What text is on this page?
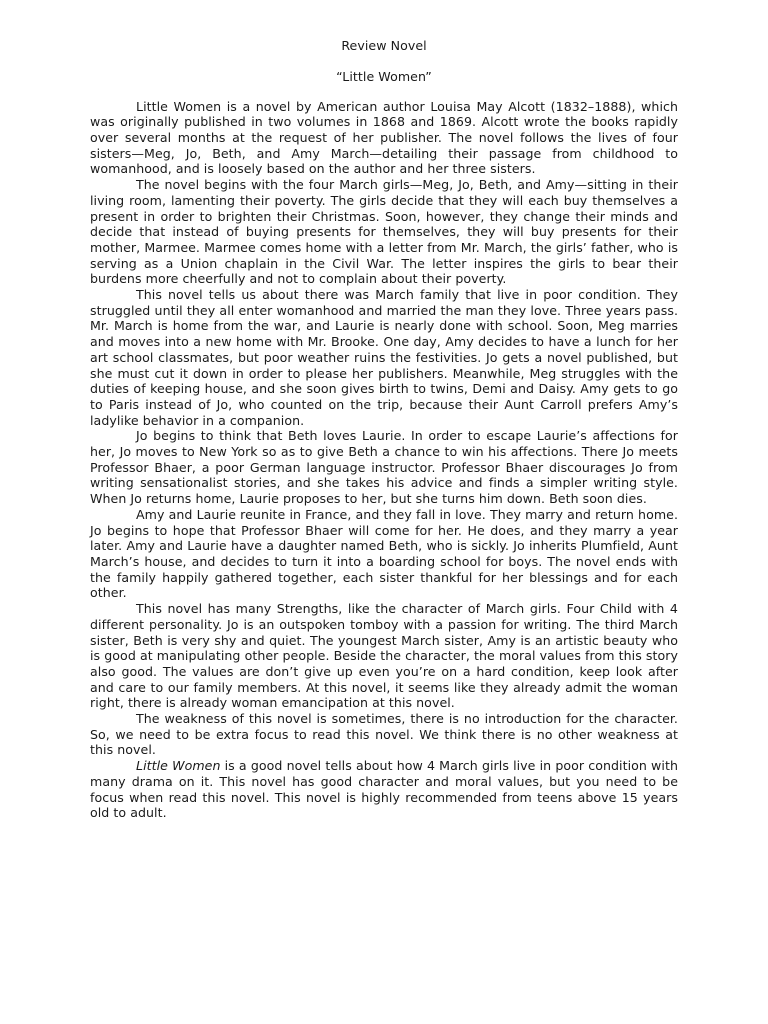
Review Novel
“Little Women”

Little Women is a novel by American author Louisa May Alcott (1832–1888), which was originally published in two volumes in 1868 and 1869. Alcott wrote the books rapidly over several months at the request of her publisher. The novel follows the lives of four sisters—Meg, Jo, Beth, and Amy March—detailing their passage from childhood to womanhood, and is loosely based on the author and her three sisters.

The novel begins with the four March girls—Meg, Jo, Beth, and Amy—sitting in their living room, lamenting their poverty. The girls decide that they will each buy themselves a present in order to brighten their Christmas. Soon, however, they change their minds and decide that instead of buying presents for themselves, they will buy presents for their mother, Marmee. Marmee comes home with a letter from Mr. March, the girls’ father, who is serving as a Union chaplain in the Civil War. The letter inspires the girls to bear their burdens more cheerfully and not to complain about their poverty.

This novel tells us about there was March family that live in poor condition. They struggled until they all enter womanhood and married the man they love. Three years pass. Mr. March is home from the war, and Laurie is nearly done with school. Soon, Meg marries and moves into a new home with Mr. Brooke. One day, Amy decides to have a lunch for her art school classmates, but poor weather ruins the festivities. Jo gets a novel published, but she must cut it down in order to please her publishers. Meanwhile, Meg struggles with the duties of keeping house, and she soon gives birth to twins, Demi and Daisy. Amy gets to go to Paris instead of Jo, who counted on the trip, because their Aunt Carroll prefers Amy’s ladylike behavior in a companion.

Jo begins to think that Beth loves Laurie. In order to escape Laurie’s affections for her, Jo moves to New York so as to give Beth a chance to win his affections. There Jo meets Professor Bhaer, a poor German language instructor. Professor Bhaer discourages Jo from writing sensationalist stories, and she takes his advice and finds a simpler writing style. When Jo returns home, Laurie proposes to her, but she turns him down. Beth soon dies.

Amy and Laurie reunite in France, and they fall in love. They marry and return home. Jo begins to hope that Professor Bhaer will come for her. He does, and they marry a year later. Amy and Laurie have a daughter named Beth, who is sickly. Jo inherits Plumfield, Aunt March’s house, and decides to turn it into a boarding school for boys. The novel ends with the family happily gathered together, each sister thankful for her blessings and for each other.

This novel has many Strengths, like the character of March girls. Four Child with 4 different personality. Jo is an outspoken tomboy with a passion for writing. The third March sister, Beth is very shy and quiet. The youngest March sister, Amy is an artistic beauty who is good at manipulating other people. Beside the character, the moral values from this story also good. The values are don’t give up even you’re on a hard condition, keep look after and care to our family members. At this novel, it seems like they already admit the woman right, there is already woman emancipation at this novel.

The weakness of this novel is sometimes, there is no introduction for the character. So, we need to be extra focus to read this novel. We think there is no other weakness at this novel.

Little Women is a good novel tells about how 4 March girls live in poor condition with many drama on it. This novel has good character and moral values, but you need to be focus when read this novel. This novel is highly recommended from teens above 15 years old to adult.
